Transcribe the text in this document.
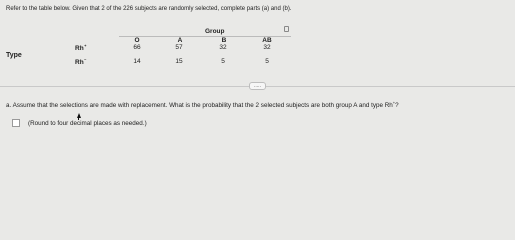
Refer to the table below. Given that 2 of the 226 subjects are randomly selected, complete parts (a) and (b).
Group
O	A	B	AB
Type
Rh+	66	57	32	32
Rh−	14	15	5	5
.....
a. Assume that the selections are made with replacement. What is the probability that the 2 selected subjects are both group A and type Rh+?
(Round to four decimal places as needed.)
